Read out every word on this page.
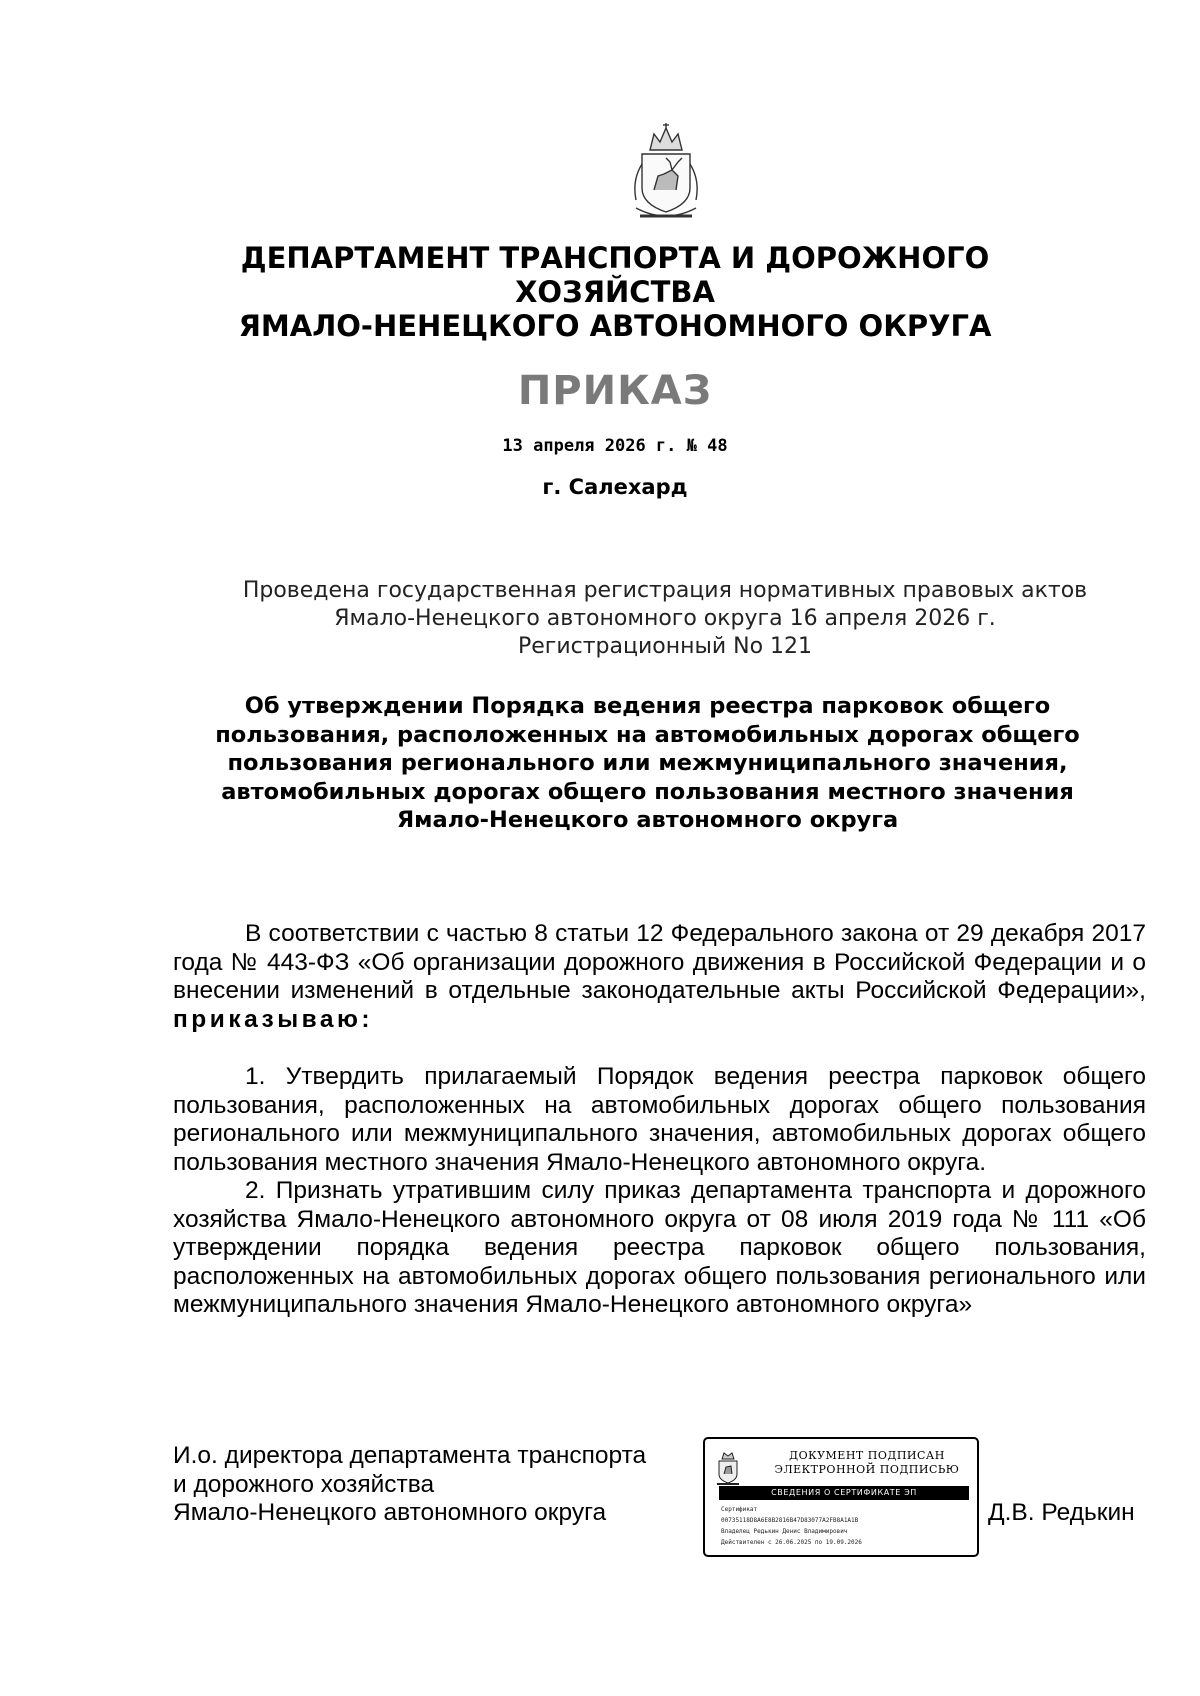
ДЕПАРТАМЕНТ ТРАНСПОРТА И ДОРОЖНОГО
ХОЗЯЙСТВА
ЯМАЛО-НЕНЕЦКОГО АВТОНОМНОГО ОКРУГА
ПРИКАЗ
13 апреля 2026 г. № 48
г. Салехард
Проведена государственная регистрация нормативных правовых актов
Ямало-Ненецкого автономного округа 16 апреля 2026 г.
Регистрационный No 121
Об утверждении Порядка ведения реестра парковок общего
пользования, расположенных на автомобильных дорогах общего
пользования регионального или межмуниципального значения,
автомобильных дорогах общего пользования местного значения
Ямало-Ненецкого автономного округа

В соответствии с частью 8 статьи 12 Федерального закона от 29 декабря 2017 года № 443-ФЗ «Об организации дорожного движения в Российской Федерации и о внесении изменений в отдельные законодательные акты Российской Федерации», приказываю:

1. Утвердить прилагаемый Порядок ведения реестра парковок общего пользования, расположенных на автомобильных дорогах общего пользования регионального или межмуниципального значения, автомобильных дорогах общего пользования местного значения Ямало-Ненецкого автономного округа.

2. Признать утратившим силу приказ департамента транспорта и дорожного хозяйства Ямало-Ненецкого автономного округа от 08 июля 2019 года № 111 «Об утверждении порядка ведения реестра парковок общего пользования, расположенных на автомобильных дорогах общего пользования регионального или межмуниципального значения Ямало-Ненецкого автономного округа»

И.о. директора департамента транспорта
и дорожного хозяйства
Ямало-Ненецкого автономного округа
ДОКУМЕНТ ПОДПИСАН
ЭЛЕКТРОННОЙ ПОДПИСЬЮ
СВЕДЕНИЯ О СЕРТИФИКАТЕ ЭП
Сертификат
00735118D8A6E8B2816B47D83077A2FB8A1A1B
Владелец Редькин Денис Владимирович
Действителен с 26.06.2025 по 19.09.2026
Д.В. Редькин
